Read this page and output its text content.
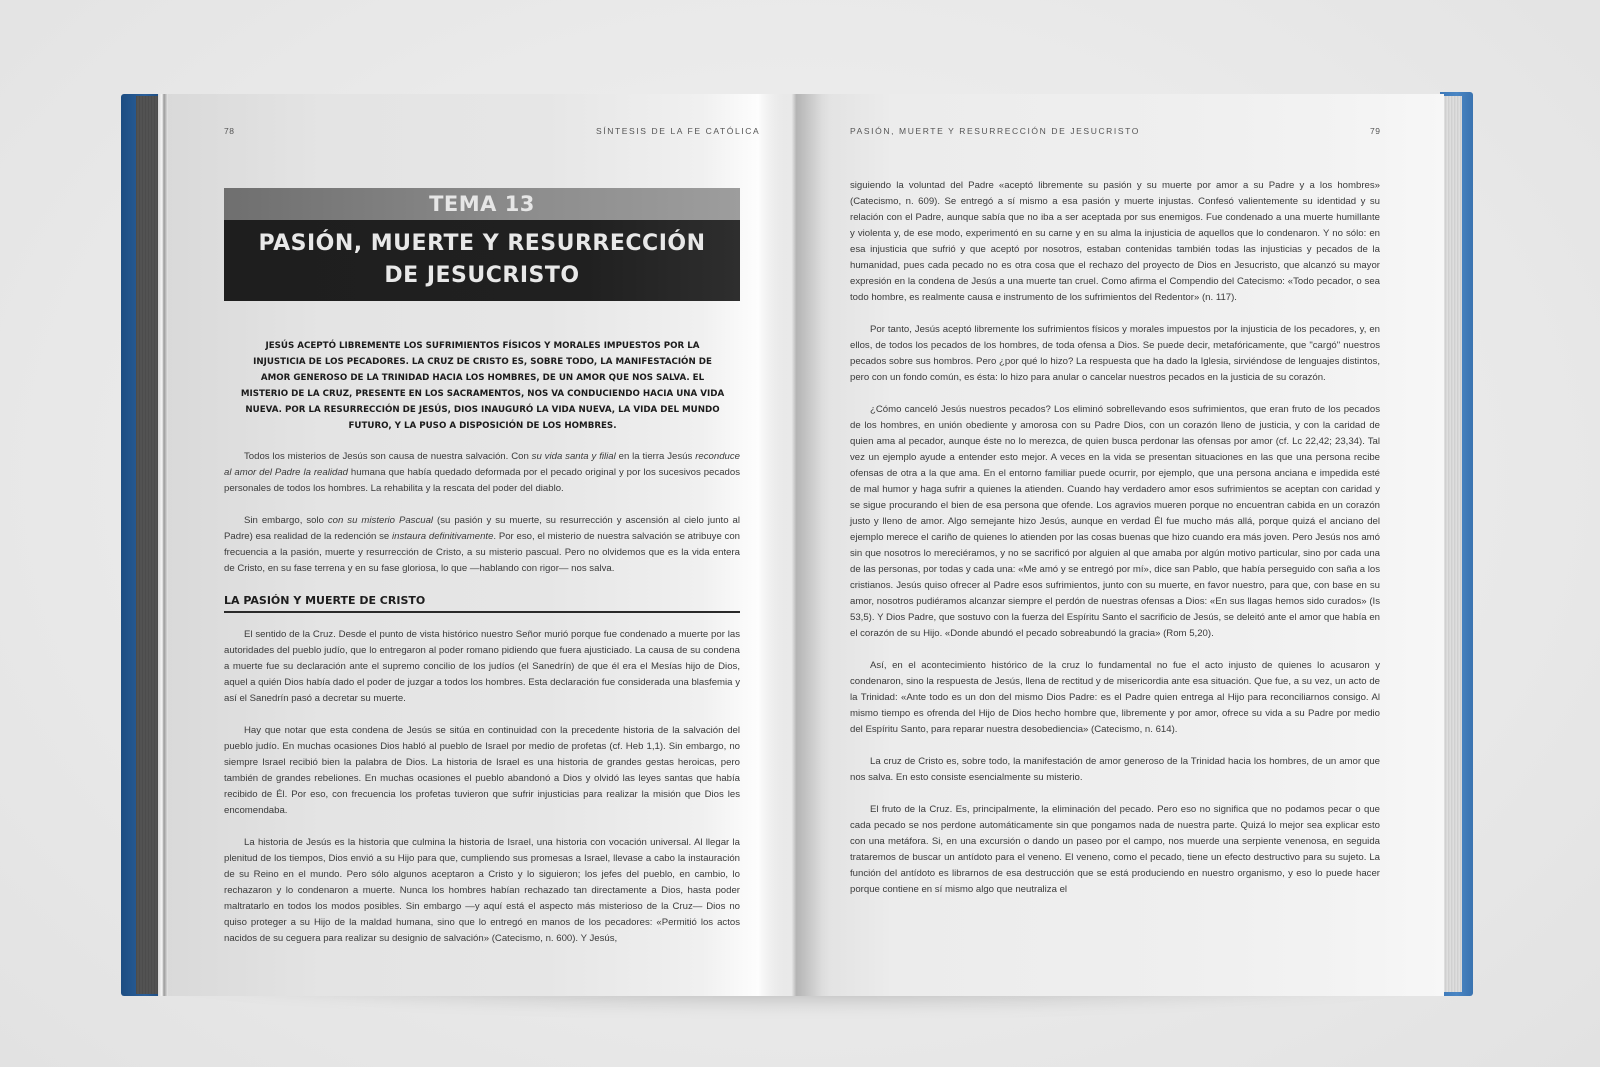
78	SÍNTESIS DE LA FE CATÓLICA
TEMA 13
PASIÓN, MUERTE Y RESURRECCIÓN DE JESUCRISTO
JESÚS ACEPTÓ LIBREMENTE LOS SUFRIMIENTOS FÍSICOS Y MORALES IMPUESTOS POR LA INJUSTICIA DE LOS PECADORES. LA CRUZ DE CRISTO ES, SOBRE TODO, LA MANIFESTACIÓN DE AMOR GENEROSO DE LA TRINIDAD HACIA LOS HOMBRES, DE UN AMOR QUE NOS SALVA. EL MISTERIO DE LA CRUZ, PRESENTE EN LOS SACRAMENTOS, NOS VA CONDUCIENDO HACIA UNA VIDA NUEVA. POR LA RESURRECCIÓN DE JESÚS, DIOS INAUGURÓ LA VIDA NUEVA, LA VIDA DEL MUNDO FUTURO, Y LA PUSO A DISPOSICIÓN DE LOS HOMBRES.

Todos los misterios de Jesús son causa de nuestra salvación. Con su vida santa y filial en la tierra Jesús reconduce al amor del Padre la realidad humana que había quedado deformada por el pecado original y por los sucesivos pecados personales de todos los hombres. La rehabilita y la rescata del poder del diablo.

Sin embargo, solo con su misterio Pascual (su pasión y su muerte, su resurrección y ascensión al cielo junto al Padre) esa realidad de la redención se instaura definitivamente. Por eso, el misterio de nuestra salvación se atribuye con frecuencia a la pasión, muerte y resurrección de Cristo, a su misterio pascual. Pero no olvidemos que es la vida entera de Cristo, en su fase terrena y en su fase gloriosa, lo que —hablando con rigor— nos salva.

LA PASIÓN Y MUERTE DE CRISTO

El sentido de la Cruz. Desde el punto de vista histórico nuestro Señor murió porque fue condenado a muerte por las autoridades del pueblo judío, que lo entregaron al poder romano pidiendo que fuera ajusticiado. La causa de su condena a muerte fue su declaración ante el supremo concilio de los judíos (el Sanedrín) de que él era el Mesías hijo de Dios, aquel a quién Dios había dado el poder de juzgar a todos los hombres. Esta declaración fue considerada una blasfemia y así el Sanedrín pasó a decretar su muerte.

Hay que notar que esta condena de Jesús se sitúa en continuidad con la precedente historia de la salvación del pueblo judío. En muchas ocasiones Dios habló al pueblo de Israel por medio de profetas (cf. Heb 1,1). Sin embargo, no siempre Israel recibió bien la palabra de Dios. La historia de Israel es una historia de grandes gestas heroicas, pero también de grandes rebeliones. En muchas ocasiones el pueblo abandonó a Dios y olvidó las leyes santas que había recibido de Él. Por eso, con frecuencia los profetas tuvieron que sufrir injusticias para realizar la misión que Dios les encomendaba.

La historia de Jesús es la historia que culmina la historia de Israel, una historia con vocación universal. Al llegar la plenitud de los tiempos, Dios envió a su Hijo para que, cumpliendo sus promesas a Israel, llevase a cabo la instauración de su Reino en el mundo. Pero sólo algunos aceptaron a Cristo y lo siguieron; los jefes del pueblo, en cambio, lo rechazaron y lo condenaron a muerte. Nunca los hombres habían rechazado tan directamente a Dios, hasta poder maltratarlo en todos los modos posibles. Sin embargo —y aquí está el aspecto más misterioso de la Cruz— Dios no quiso proteger a su Hijo de la maldad humana, sino que lo entregó en manos de los pecadores: «Permitió los actos nacidos de su ceguera para realizar su designio de salvación» (Catecismo, n. 600). Y Jesús,

PASIÓN, MUERTE Y RESURRECCIÓN DE JESUCRISTO	79

siguiendo la voluntad del Padre «aceptó libremente su pasión y su muerte por amor a su Padre y a los hombres» (Catecismo, n. 609). Se entregó a sí mismo a esa pasión y muerte injustas. Confesó valientemente su identidad y su relación con el Padre, aunque sabía que no iba a ser aceptada por sus enemigos. Fue condenado a una muerte humillante y violenta y, de ese modo, experimentó en su carne y en su alma la injusticia de aquellos que lo condenaron. Y no sólo: en esa injusticia que sufrió y que aceptó por nosotros, estaban contenidas también todas las injusticias y pecados de la humanidad, pues cada pecado no es otra cosa que el rechazo del proyecto de Dios en Jesucristo, que alcanzó su mayor expresión en la condena de Jesús a una muerte tan cruel. Como afirma el Compendio del Catecismo: «Todo pecador, o sea todo hombre, es realmente causa e instrumento de los sufrimientos del Redentor» (n. 117).

Por tanto, Jesús aceptó libremente los sufrimientos físicos y morales impuestos por la injusticia de los pecadores, y, en ellos, de todos los pecados de los hombres, de toda ofensa a Dios. Se puede decir, metafóricamente, que "cargó" nuestros pecados sobre sus hombros. Pero ¿por qué lo hizo? La respuesta que ha dado la Iglesia, sirviéndose de lenguajes distintos, pero con un fondo común, es ésta: lo hizo para anular o cancelar nuestros pecados en la justicia de su corazón.

¿Cómo canceló Jesús nuestros pecados? Los eliminó sobrellevando esos sufrimientos, que eran fruto de los pecados de los hombres, en unión obediente y amorosa con su Padre Dios, con un corazón lleno de justicia, y con la caridad de quien ama al pecador, aunque éste no lo merezca, de quien busca perdonar las ofensas por amor (cf. Lc 22,42; 23,34). Tal vez un ejemplo ayude a entender esto mejor. A veces en la vida se presentan situaciones en las que una persona recibe ofensas de otra a la que ama. En el entorno familiar puede ocurrir, por ejemplo, que una persona anciana e impedida esté de mal humor y haga sufrir a quienes la atienden. Cuando hay verdadero amor esos sufrimientos se aceptan con caridad y se sigue procurando el bien de esa persona que ofende. Los agravios mueren porque no encuentran cabida en un corazón justo y lleno de amor. Algo semejante hizo Jesús, aunque en verdad Él fue mucho más allá, porque quizá el anciano del ejemplo merece el cariño de quienes lo atienden por las cosas buenas que hizo cuando era más joven. Pero Jesús nos amó sin que nosotros lo mereciéramos, y no se sacrificó por alguien al que amaba por algún motivo particular, sino por cada una de las personas, por todas y cada una: «Me amó y se entregó por mí», dice san Pablo, que había perseguido con saña a los cristianos. Jesús quiso ofrecer al Padre esos sufrimientos, junto con su muerte, en favor nuestro, para que, con base en su amor, nosotros pudiéramos alcanzar siempre el perdón de nuestras ofensas a Dios: «En sus llagas hemos sido curados» (Is 53,5). Y Dios Padre, que sostuvo con la fuerza del Espíritu Santo el sacrificio de Jesús, se deleitó ante el amor que había en el corazón de su Hijo. «Donde abundó el pecado sobreabundó la gracia» (Rom 5,20).

Así, en el acontecimiento histórico de la cruz lo fundamental no fue el acto injusto de quienes lo acusaron y condenaron, sino la respuesta de Jesús, llena de rectitud y de misericordia ante esa situación. Que fue, a su vez, un acto de la Trinidad: «Ante todo es un don del mismo Dios Padre: es el Padre quien entrega al Hijo para reconciliarnos consigo. Al mismo tiempo es ofrenda del Hijo de Dios hecho hombre que, libremente y por amor, ofrece su vida a su Padre por medio del Espíritu Santo, para reparar nuestra desobediencia» (Catecismo, n. 614).

La cruz de Cristo es, sobre todo, la manifestación de amor generoso de la Trinidad hacia los hombres, de un amor que nos salva. En esto consiste esencialmente su misterio.

El fruto de la Cruz. Es, principalmente, la eliminación del pecado. Pero eso no significa que no podamos pecar o que cada pecado se nos perdone automáticamente sin que pongamos nada de nuestra parte. Quizá lo mejor sea explicar esto con una metáfora. Si, en una excursión o dando un paseo por el campo, nos muerde una serpiente venenosa, en seguida trataremos de buscar un antídoto para el veneno. El veneno, como el pecado, tiene un efecto destructivo para su sujeto. La función del antídoto es librarnos de esa destrucción que se está produciendo en nuestro organismo, y eso lo puede hacer porque contiene en sí mismo algo que neutraliza el
